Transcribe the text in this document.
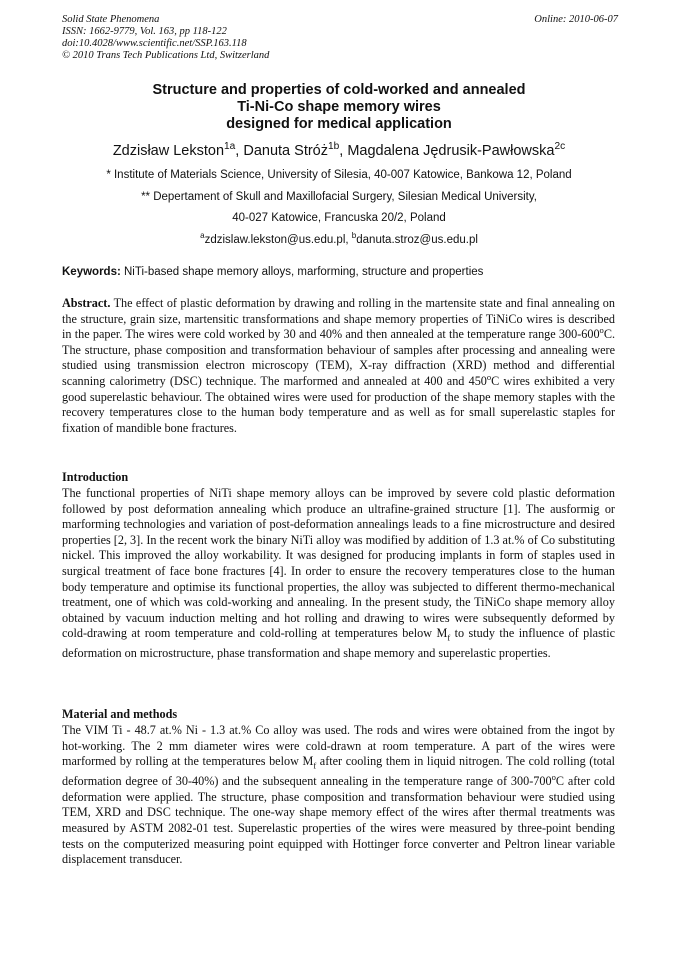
Solid State Phenomena
ISSN: 1662-9779, Vol. 163, pp 118-122
doi:10.4028/www.scientific.net/SSP.163.118
© 2010 Trans Tech Publications Ltd, Switzerland
Online: 2010-06-07
Structure and properties of cold-worked and annealed
Ti-Ni-Co shape memory wires
designed for medical application
Zdzisław Lekston$^{1a}$, Danuta Stróż$^{1b}$, Magdalena Jędrusik-Pawłowska$^{2c}$
* Institute of Materials Science, University of Silesia, 40-007 Katowice, Bankowa 12, Poland
** Depertament of Skull and Maxillofacial Surgery, Silesian Medical University,
40-027 Katowice, Francuska 20/2, Poland
$^a$zdzislaw.lekston@us.edu.pl, $^b$danuta.stroz@us.edu.pl
Keywords: NiTi-based shape memory alloys, marforming, structure and properties
Abstract. The effect of plastic deformation by drawing and rolling in the martensite state and final annealing on the structure, grain size, martensitic transformations and shape memory properties of TiNiCo wires is described in the paper. The wires were cold worked by 30 and 40% and then annealed at the temperature range 300-600$^o$C. The structure, phase composition and transformation behaviour of samples after processing and annealing were studied using transmission electron microscopy (TEM), X-ray diffraction (XRD) method and differential scanning calorimetry (DSC) technique. The marformed and annealed at 400 and 450$^o$C wires exhibited a very good superelastic behaviour. The obtained wires were used for production of the shape memory staples with the recovery temperatures close to the human body temperature and as well as for small superelastic staples for fixation of mandible bone fractures.
Introduction
The functional properties of NiTi shape memory alloys can be improved by severe cold plastic deformation followed by post deformation annealing which produce an ultrafine-grained structure [1]. The ausformig or marforming technologies and variation of post-deformation annealings leads to a fine microstructure and desired properties [2, 3]. In the recent work the binary NiTi alloy was modified by addition of 1.3 at.% of Co substituting nickel. This improved the alloy workability. It was designed for producing implants in form of staples used in surgical treatment of face bone fractures [4]. In order to ensure the recovery temperatures close to the human body temperature and optimise its functional properties, the alloy was subjected to different thermo-mechanical treatment, one of which was cold-working and annealing. In the present study, the TiNiCo shape memory alloy obtained by vacuum induction melting and hot rolling and drawing to wires were subsequently deformed by cold-drawing at room temperature and cold-rolling at temperatures below $M_f$ to study the influence of plastic deformation on microstructure, phase transformation and shape memory and superelastic properties.
Material and methods
The VIM Ti - 48.7 at.% Ni - 1.3 at.% Co alloy was used. The rods and wires were obtained from the ingot by hot-working. The 2 mm diameter wires were cold-drawn at room temperature. A part of the wires were marformed by rolling at the temperatures below $M_f$ after cooling them in liquid nitrogen. The cold rolling (total deformation degree of 30-40%) and the subsequent annealing in the temperature range of 300-700$^o$C after cold deformation were applied. The structure, phase composition and transformation behaviour were studied using TEM, XRD and DSC technique. The one-way shape memory effect of the wires after thermal treatments was measured by ASTM 2082-01 test. Superelastic properties of the wires were measured by three-point bending tests on the computerized measuring point equipped with Hottinger force converter and Peltron linear variable displacement transducer.
